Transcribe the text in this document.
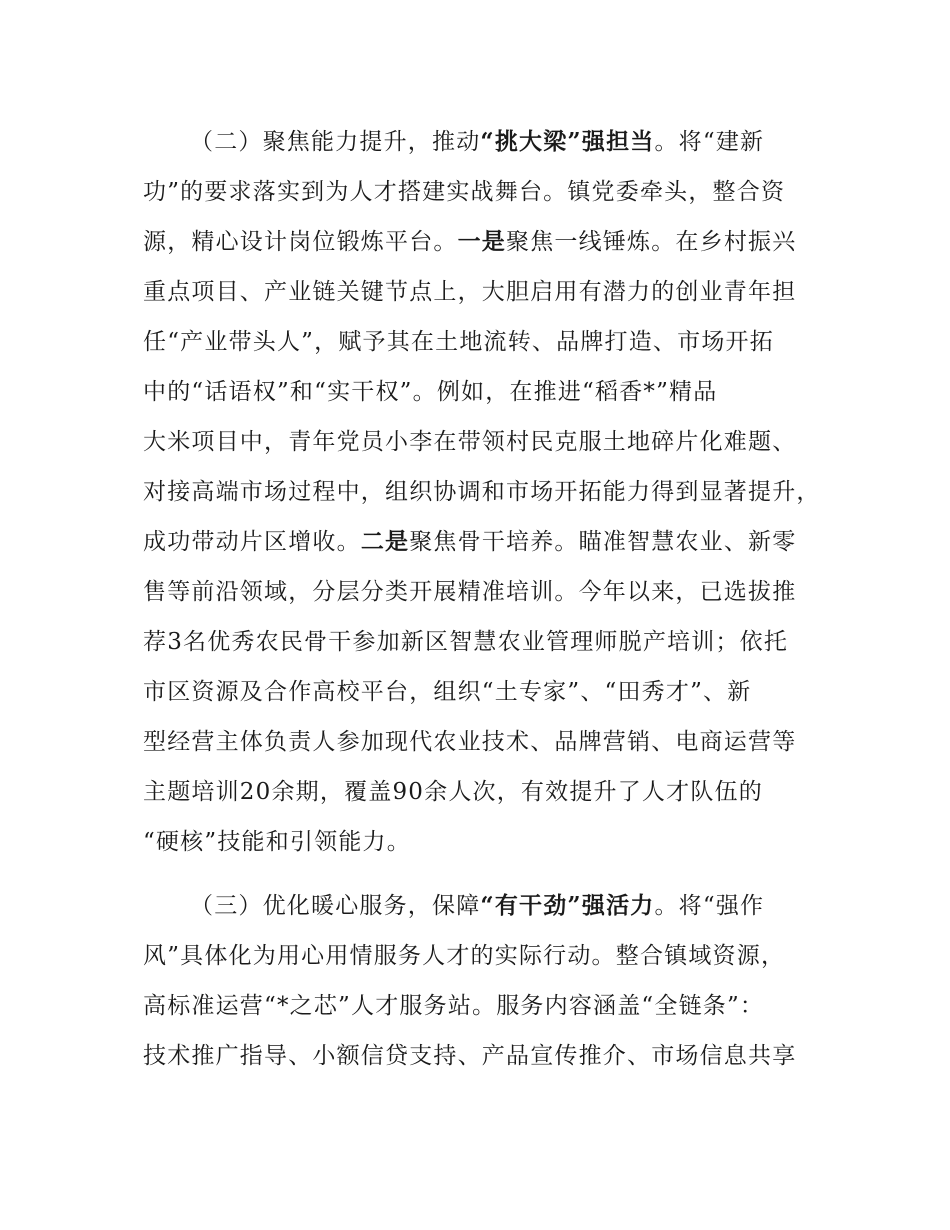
（二）聚焦能力提升，推动“挑大梁”强担当。将“建新
功”的要求落实到为人才搭建实战舞台。镇党委牵头，整合资
源，精心设计岗位锻炼平台。一是聚焦一线锤炼。在乡村振兴
重点项目、产业链关键节点上，大胆启用有潜力的创业青年担
任“产业带头人”，赋予其在土地流转、品牌打造、市场开拓
中的“话语权”和“实干权”。例如，在推进“稻香*”精品
大米项目中，青年党员小李在带领村民克服土地碎片化难题、
对接高端市场过程中，组织协调和市场开拓能力得到显著提升，
成功带动片区增收。二是聚焦骨干培养。瞄准智慧农业、新零
售等前沿领域，分层分类开展精准培训。今年以来，已选拔推
荐3名优秀农民骨干参加新区智慧农业管理师脱产培训；依托
市区资源及合作高校平台，组织“土专家”、“田秀才”、新
型经营主体负责人参加现代农业技术、品牌营销、电商运营等
主题培训20余期，覆盖90余人次，有效提升了人才队伍的
“硬核”技能和引领能力。
（三）优化暖心服务，保障“有干劲”强活力。将“强作
风”具体化为用心用情服务人才的实际行动。整合镇域资源，
高标准运营“*之芯”人才服务站。服务内容涵盖“全链条”：
技术推广指导、小额信贷支持、产品宣传推介、市场信息共享
